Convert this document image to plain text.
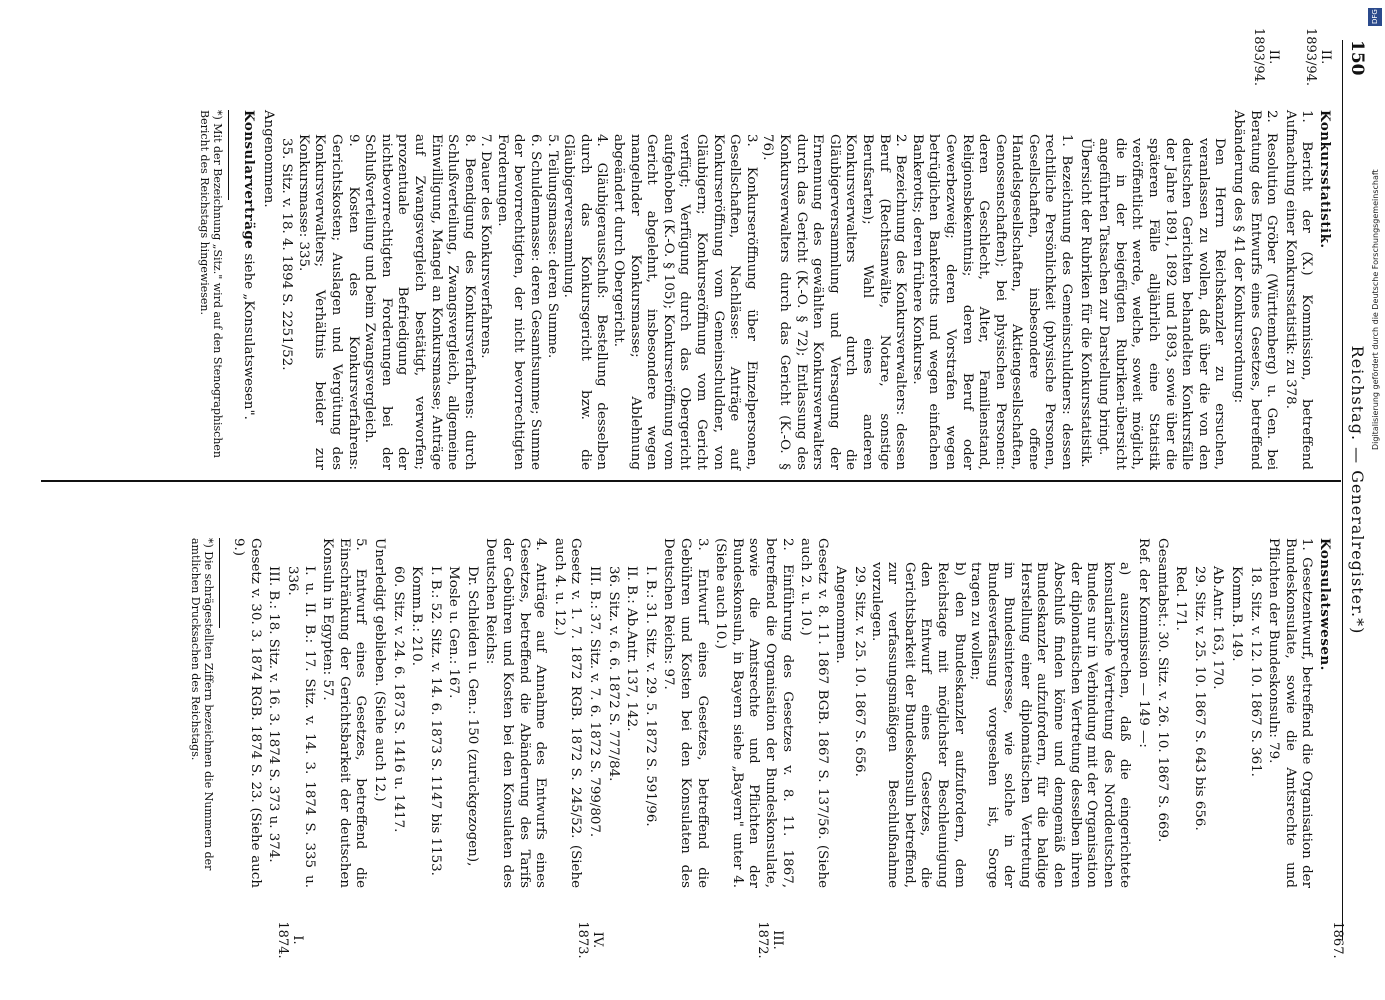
150
Reichstag. — Generalregister.*)
II.
1893/94.
II.
1893/94.
Konkursstatistik.
1. Bericht der (X.) Kommission, betreffend Aufmachung einer Konkursstatistik: zu 378.
2. Resolution Gröber (Württemberg) u. Gen. bei Beratung des Entwurfs eines Gesetzes, betreffend Abänderung des § 41 der Konkursordnung:
Den Herrn Reichskanzler zu ersuchen, veranlassen zu wollen, daß über die von den deutschen Gerichten behandelten Konkursfälle der Jahre 1891, 1892 und 1893, sowie über die späteren Fälle alljährlich eine Statistik veröffentlicht werde, welche, soweit möglich, die in der beigefügten Rubriken-übersicht angeführten Tatsachen zur Darstellung bringt.
Übersicht der Rubriken für die Konkursstatistik.
1. Bezeichnung des Gemeinschuldners: dessen rechtliche Persönlichkeit (physische Personen, Gesellschaften, insbesondere offene Handelsgesellschaften, Aktiengesellschaften, Genossenschaften); bei physischen Personen: deren Geschlecht, Alter, Familienstand, Religionsbekenntnis; deren Beruf oder Gewerbezweig; deren Vorstrafen wegen betrüglichen Bankerotts und wegen einfachen Bankerotts; deren frühere Konkurse.
2. Bezeichnung des Konkursverwalters: dessen Beruf (Rechtsanwälte, Notare, sonstige Berufsarten); Wahl eines anderen Konkursverwalters durch die Gläubigerversammlung und Versagung der Ernennung des gewählten Konkursverwalters durch das Gericht (K.-O. § 72); Entlassung des Konkursverwalters durch das Gericht (K.-O. § 76).
3. Konkurseröffnung über Einzelpersonen, Gesellschaften, Nachlässe: Anträge auf Konkurseröffnung vom Gemeinschuldner, von Gläubigern; Konkurseröffnung vom Gericht verfügt; Verfügung durch das Obergericht aufgehoben (K.-O. § 105); Konkurseröffnung vom Gericht abgelehnt, insbesondere wegen mangelnder Konkursmasse; Ablehnung abgeändert durch Obergericht.
4. Gläubigerausschuß: Bestellung desselben durch das Konkursgericht bzw. die Gläubigerversammlung.
5. Teilungsmasse: deren Summe.
6. Schuldenmasse: deren Gesamtsumme; Summe der bevorrechtigten, der nicht bevorrechtigten Forderungen.
7. Dauer des Konkursverfahrens.
8. Beendigung des Konkursverfahrens: durch Schlußverteilung, Zwangsvergleich, allgemeine Einwilligung, Mangel an Konkursmasse; Anträge auf Zwangsvergleich bestätigt, verworfen; prozentuale Befriedigung der nichtbevorrechtigten Forderungen bei der Schlußverteilung und beim Zwangsvergleich.
9. Kosten des Konkursverfahrens: Gerichtskosten; Auslagen und Vergütung des Konkursverwalters; Verhältnis beider zur Konkursmasse: 335.
35. Sitz. v. 18. 4. 1894 S. 2251/52.
Angenommen.
Konsularverträge siehe „Konsulatswesen".
*) Mit der Bezeichnung „Sitz." wird auf den Stenographischen Bericht des Reichstags hingewiesen.
1867.
III.
1872.
IV.
1873.
I.
1874.
Konsulatswesen.
1. Gesetzentwurf, betreffend die Organisation der Bundeskonsulate, sowie die Amtsrechte und Pflichten der Bundeskonsuln: 79.
18. Sitz. v. 12. 10. 1867 S. 361.
Komm.B. 149.
Ab.Antr. 163, 170.
29. Sitz. v. 25. 10. 1867 S. 643 bis 656.
Red. 171.
Gesamtabst.: 30. Sitz. v. 26. 10. 1867 S. 669.
Ref. der Kommission — 149 —:
a) auszusprechen, daß die eingerichtete konsularische Vertretung des Norddeutschen Bundes nur in Verbindung mit der Organisation der diplomatischen Vertretung desselben ihren Abschluß finden könne und demgemäß den Bundeskanzler aufzufordern, für die baldige Herstellung einer diplomatischen Vertretung im Bundesinteresse, wie solche in der Bundesverfassung vorgesehen ist, Sorge tragen zu wollen;
b) den Bundeskanzler aufzufordern, dem Reichstage mit möglichster Beschleunigung den Entwurf eines Gesetzes, die Gerichtsbarkeit der Bundeskonsuln betreffend, zur verfassungsmäßigen Beschlußnahme vorzulegen.
29. Sitz. v. 25. 10. 1867 S. 656.
Angenommen.
Gesetz v. 8. 11. 1867 BGB. 1867 S. 137/56. (Siehe auch 2. u. 10.)
2. Einführung des Gesetzes v. 8. 11. 1867, betreffend die Organisation der Bundeskonsulate, sowie die Amtsrechte und Pflichten der Bundeskonsuln, in Bayern siehe „Bayern" unter 4. (Siehe auch 10.)
3. Entwurf eines Gesetzes, betreffend die Gebühren und Kosten bei den Konsulaten des Deutschen Reichs: 97.
I. B.: 31. Sitz. v. 29. 5. 1872 S. 591/96.
II. B.: Ab.Antr. 137, 142.
36. Sitz. v. 6. 6. 1872 S. 777/84.
III. B.: 37. Sitz. v. 7. 6. 1872 S. 799/807.
Gesetz v. 1. 7. 1872 RGB. 1872 S. 245/52. (Siehe auch 4. u. 12.)
4. Anträge auf Annahme des Entwurfs eines Gesetzes, betreffend die Abänderung des Tarifs der Gebühren und Kosten bei den Konsulaten des Deutschen Reichs:
Dr. Schleiden u. Gen.: 150 (zurückgezogen),
Mosle u. Gen.: 167.
I. B.: 52. Sitz. v. 14. 6. 1873 S. 1147 bis 1153.
Komm.B.: 210.
60. Sitz. v. 24. 6. 1873 S. 1416 u. 1417.
Unerledigt geblieben. (Siehe auch 12.)
5. Entwurf eines Gesetzes, betreffend die Einschränkung der Gerichtsbarkeit der deutschen Konsuln in Egypten: 57.
I. u. II. B.: 17. Sitz. v. 14. 3. 1874 S. 335 u. 336.
III. B.: 18. Sitz. v. 16. 3. 1874 S. 373 u. 374.
Gesetz v. 30. 3. 1874 RGB. 1874 S. 23. (Siehe auch 9.)
*) Die schrägestellten Ziffern bezeichnen die Nummern der amtlichen Drucksachen des Reichstags.
DFG
Digitalisierung gefördert durch die Deutsche Forschungsgemeinschaft
